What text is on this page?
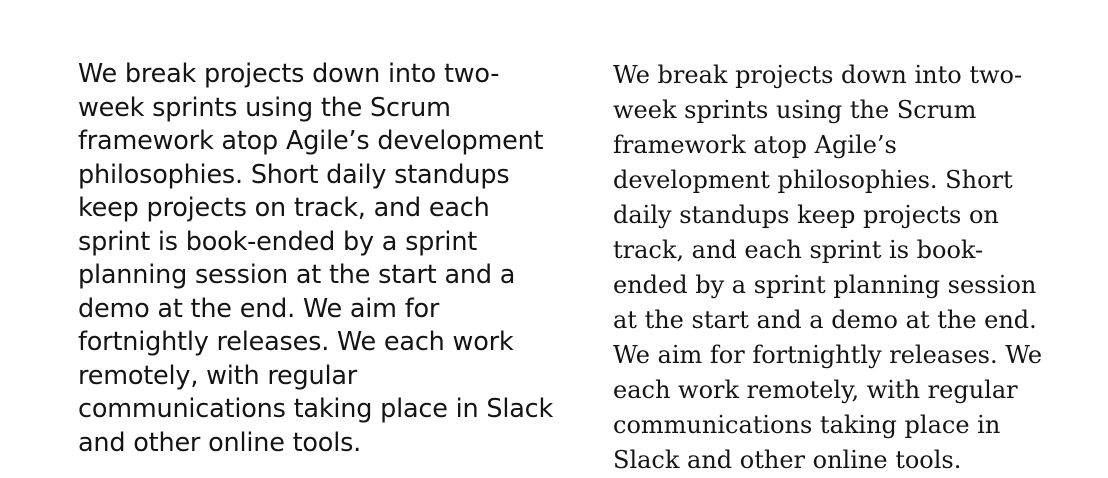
We break projects down into two-week sprints using the Scrum framework atop Agile’s development philosophies. Short daily standups keep projects on track, and each sprint is book-ended by a sprint planning session at the start and a demo at the end. We aim for fortnightly releases. We each work remotely, with regular communications taking place in Slack and other online tools.

We break projects down into two-week sprints using the Scrum framework atop Agile’s development philosophies. Short daily standups keep projects on track, and each sprint is book-ended by a sprint planning session at the start and a demo at the end. We aim for fortnightly releases. We each work remotely, with regular communications taking place in Slack and other online tools.
